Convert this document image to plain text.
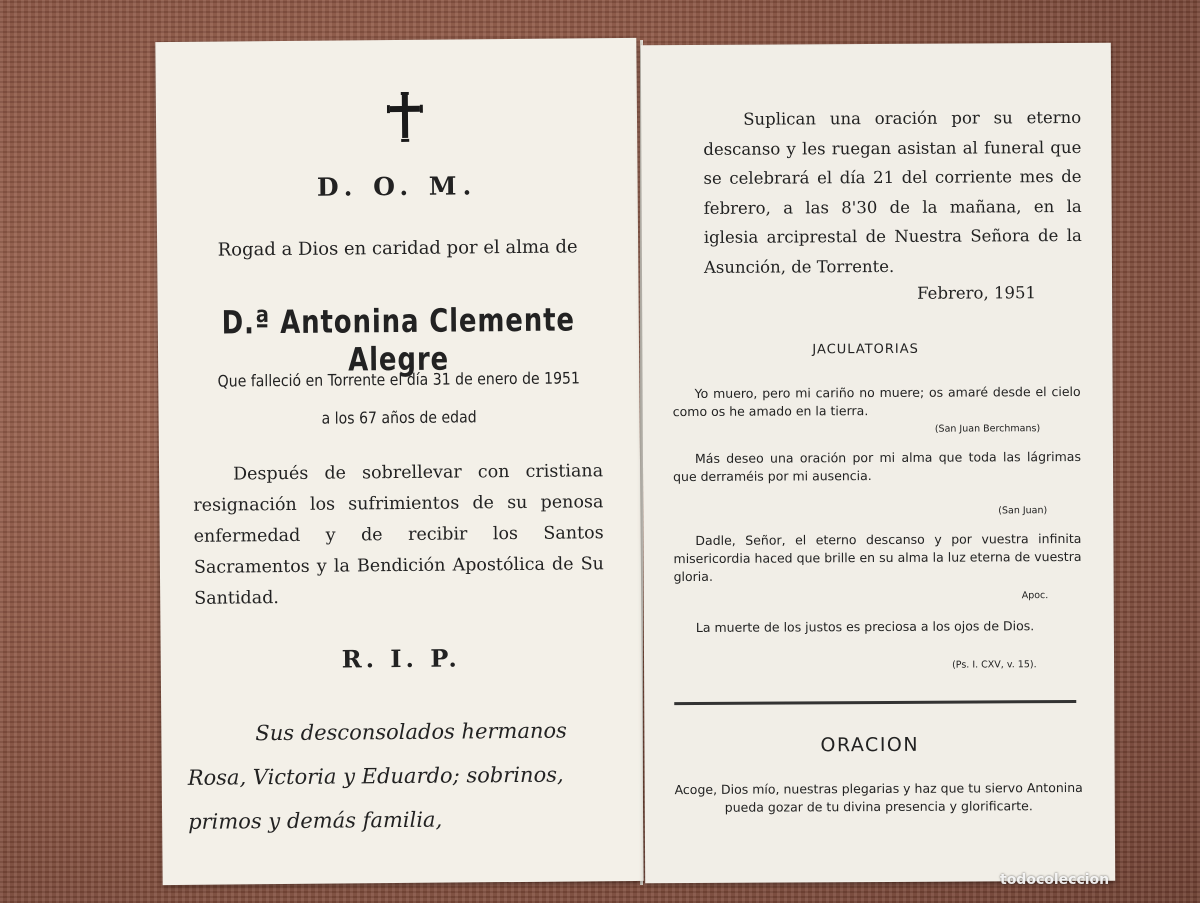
D. O. M.
Rogad a Dios en caridad por el alma de
D.ª Antonina Clemente Alegre
Que falleció en Torrente el día 31 de enero de 1951
a los 67 años de edad
Después de sobrellevar con cristiana resignación los sufrimientos de su penosa enfermedad y de recibir los Santos Sacramentos y la Bendición Apostólica de Su Santidad.
R. I. P.
Sus desconsolados hermanos Rosa, Victoria y Eduardo; sobrinos, primos y demás familia,
Suplican una oración por su eterno descanso y les ruegan asistan al funeral que se celebrará el día 21 del corriente mes de febrero, a las 8'30 de la mañana, en la iglesia arciprestal de Nuestra Señora de la Asunción, de Torrente.
Febrero, 1951
JACULATORIAS
Yo muero, pero mi cariño no muere; os amaré desde el cielo como os he amado en la tierra.
(San Juan Berchmans)
Más deseo una oración por mi alma que toda las lágrimas que derraméis por mi ausencia.
(San Juan)
Dadle, Señor, el eterno descanso y por vuestra infinita misericordia haced que brille en su alma la luz eterna de vuestra gloria.
Apoc.
La muerte de los justos es preciosa a los ojos de Dios.
(Ps. I. CXV, v. 15).
ORACION
Acoge, Dios mío, nuestras plegarias y haz que tu siervo Antonina pueda gozar de tu divina presencia y glorificarte.
todocoleccion
